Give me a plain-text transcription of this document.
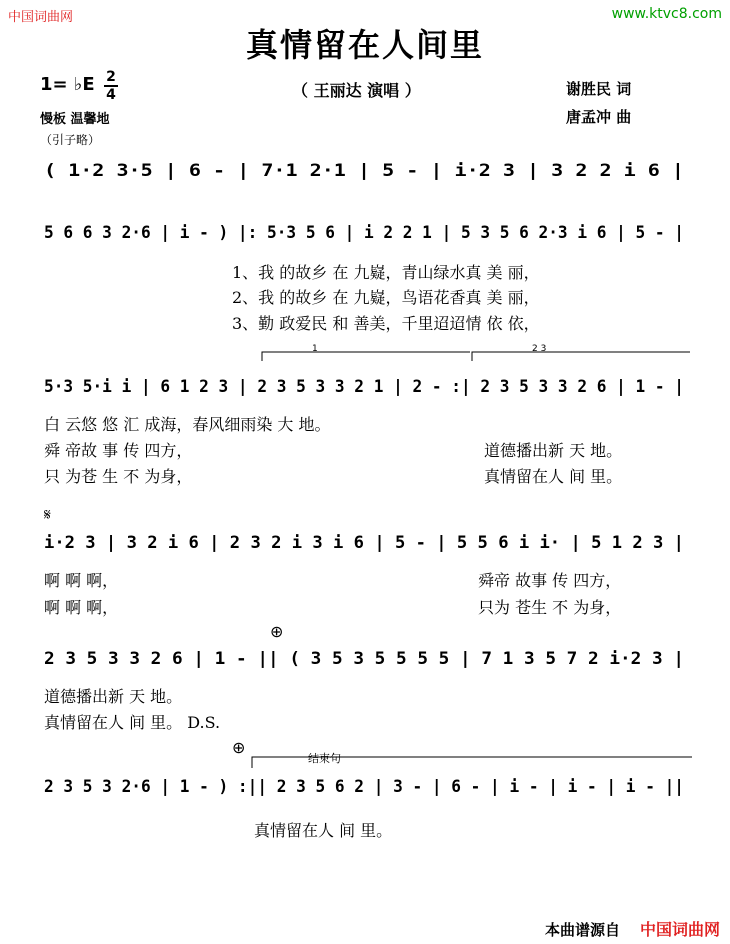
中国词曲网	www.ktvc8.com
真情留在人间里
1= ♭E 2
4
慢板 温馨地
（引子略）
（ 王丽达 演唱 ）	谢胜民 词
唐孟冲 曲
( 1·2 3·5 | 6 - | 7·1 2·1 | 5 - | i·2 3 | 3 2 2 i 6 |
5 6 6 3 2·6 | i - ) |: 5·3 5 6 | i 2 2 1 | 5 3 5 6 2·3 i 6 | 5 - |
5·3 5·i i | 6 1 2 3 | 2 3 5 3 3 2 1 | 2 - :| 2 3 5 3 3 2 6 | 1 - |
i·2 3 | 3 2 i 6 | 2 3 2 i 3 i 6 | 5 - | 5 5 6 i i· | 5 1 2 3 |
2 3 5 3 3 2 6 | 1 - || ( 3 5 3 5 5 5 5 | 7 1 3 5 7 2 i·2 3 |
2 3 5 3 2·6 | 1 - ) :|| 2 3 5 6 2 | 3 - | 6 - | i - | i - | i - ||
1、我 的故乡 在 九嶷，青山绿水真 美 丽，
2、我 的故乡 在 九嶷，鸟语花香真 美 丽，
3、勤 政爱民 和 善美，千里迢迢情 依 依，
1	2 3
白 云悠 悠 汇 成海，春风细雨染 大 地。
舜 帝故 事 传 四方，	道德播出新 天 地。
只 为苍 生 不 为身，	真情留在人 间 里。
𝄋
啊 啊 啊，	舜帝 故事 传 四方，
啊 啊 啊，	只为 苍生 不 为身，
⊕
道德播出新 天 地。
真情留在人 间 里。 D.S.
⊕
结束句
真情留在人 间 里。
本曲谱源自 中国词曲网
